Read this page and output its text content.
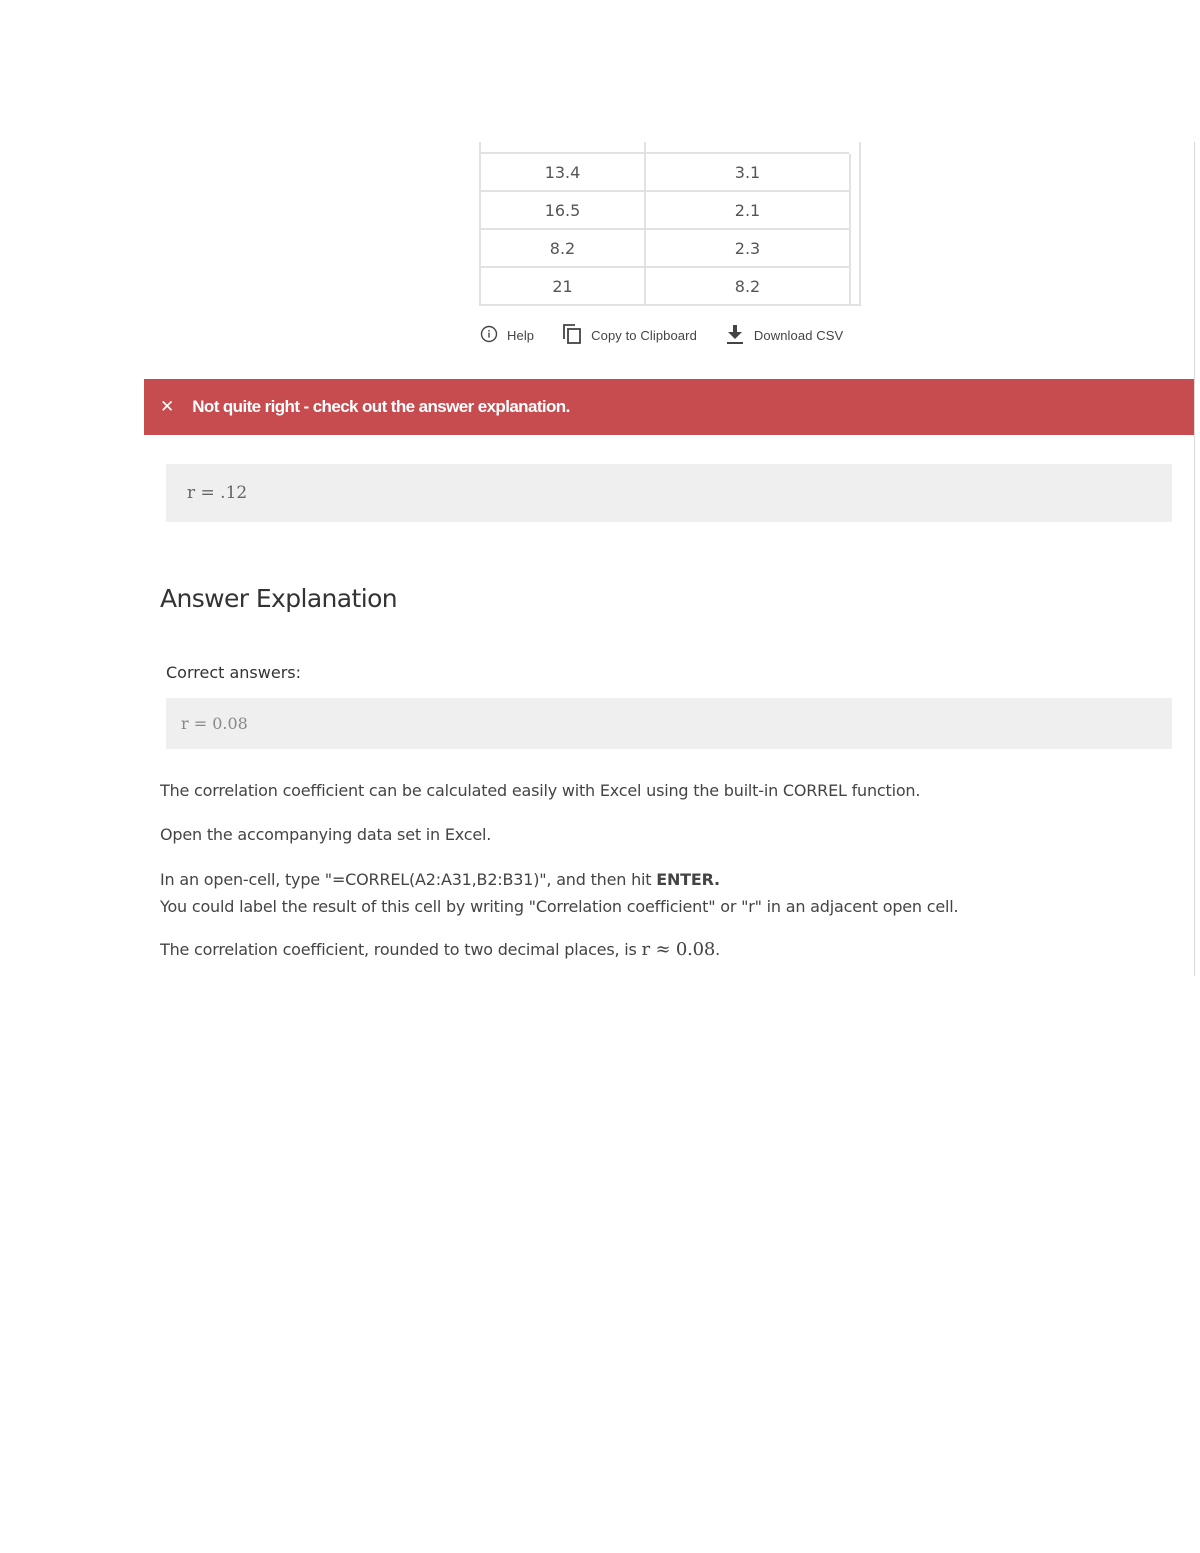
13.4	3.1
16.5	2.1
8.2	2.3
21	8.2
Help	Copy to Clipboard	Download CSV
✕ Not quite right - check out the answer explanation.
r = .12
Answer Explanation
Correct answers:
r = 0.08

The correlation coefficient can be calculated easily with Excel using the built-in CORREL function.

Open the accompanying data set in Excel.

In an open-cell, type "=CORREL(A2:A31,B2:B31)", and then hit ENTER.
You could label the result of this cell by writing "Correlation coefficient" or "r" in an adjacent open cell.

The correlation coefficient, rounded to two decimal places, is r ≈ 0.08.
